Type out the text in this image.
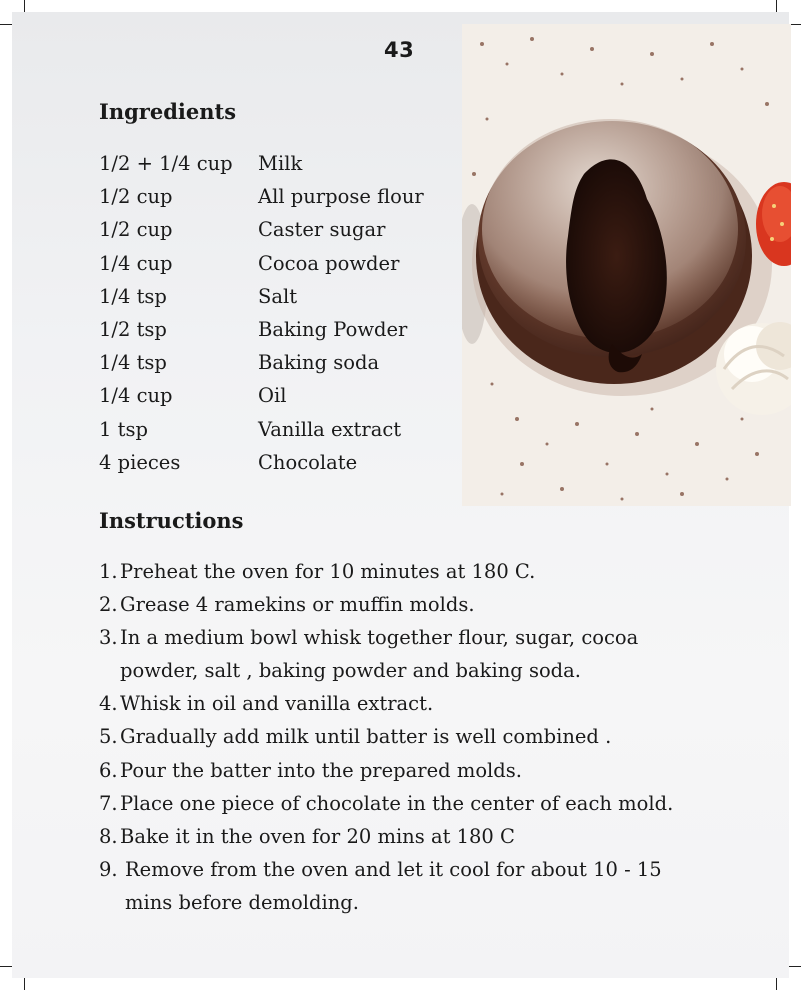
43
Ingredients
1/2 + 1/4 cup	Milk
1/2 cup	All purpose flour
1/2 cup	Caster sugar
1/4 cup	Cocoa powder
1/4 tsp	Salt
1/2 tsp	Baking Powder
1/4 tsp	Baking soda
1/4 cup	Oil
1 tsp	Vanilla extract
4 pieces	Chocolate
Instructions
1. Preheat the oven for 10 minutes at 180 C.
2. Grease 4 ramekins or muffin molds.
3. In a medium bowl whisk together flour, sugar, cocoa powder, salt , baking powder and baking soda.
4. Whisk in oil and vanilla extract.
5. Gradually add milk until batter is well combined .
6. Pour the batter into the prepared molds.
7. Place one piece of chocolate in the center of each mold.
8. Bake it in the oven for 20 mins at 180 C
9. Remove from the oven and let it cool for about 10 - 15 mins before demolding.
